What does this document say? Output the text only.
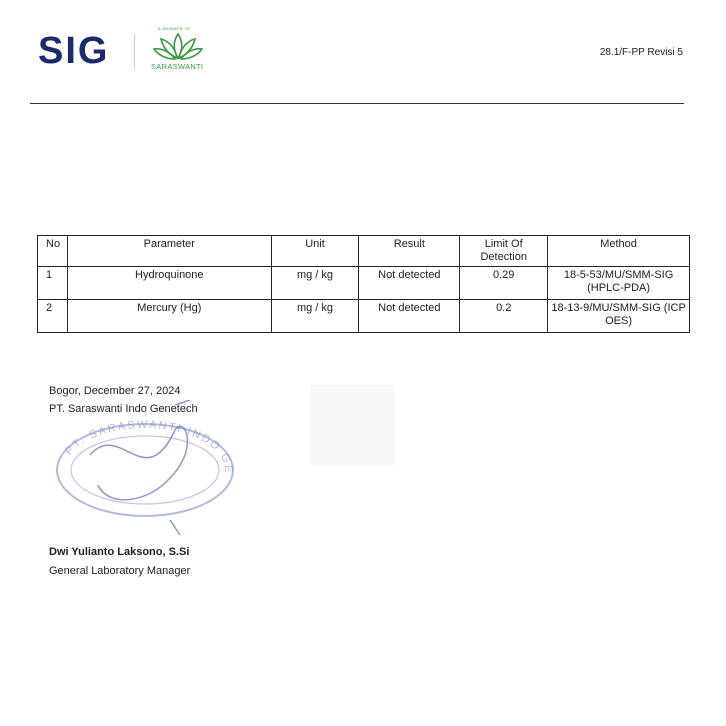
SIG
A MEMBER OF
SARASWANTI
28.1/F-PP Revisi 5
No	Parameter	Unit	Result	Limit Of Detection	Method
1	Hydroquinone	mg / kg	Not detected	0.29	18-5-53/MU/SMM-SIG (HPLC-PDA)
2	Mercury (Hg)	mg / kg	Not detected	0.2	18-13-9/MU/SMM-SIG (ICP OES)
Bogor, December 27, 2024
PT. Saraswanti Indo Genetech
PT. SARASWANTI INDO GE
Dwi Yulianto Laksono, S.Si
General Laboratory Manager
